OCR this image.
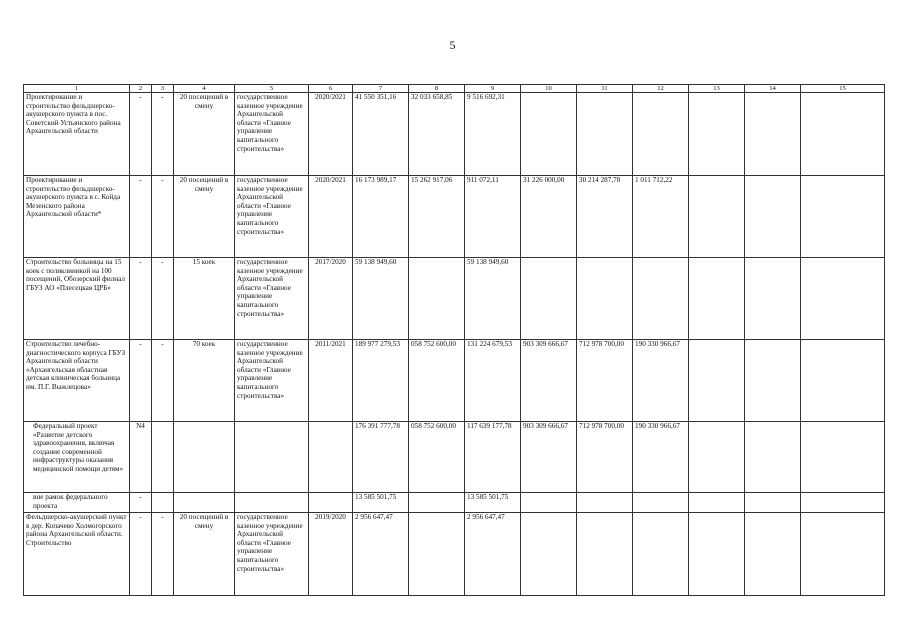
5
1	2	3	4	5	6	7	8	9	10	11	12	13	14	15
Проектирование и строительство фельдшерско-акушерского пункта в пос. Советский Устьянского района Архангельской области	-	-	20 посещений в смену	государственное казенное учреждение Архангельской области «Главное управление капитального строительства»	2020/2021	41 550 351,16	32 033 658,85	9 516 692,31						
Проектирование и строительство фельдшерско-акушерского пункта в с. Койда Мезенского района Архангельской области*	-	-	20 посещений в смену	государственное казенное учреждение Архангельской области «Главное управление капитального строительства»	2020/2021	16 173 989,17	15 262 917,06	911 072,11	31 226 000,00	30 214 287,78	1 011 712,22			
Строительство больницы на 15 коек с поликлиникой на 100 посещений, Обозерский филиал ГБУЗ АО «Плесецкая ЦРБ»	-	-	15 коек	государственное казенное учреждение Архангельской области «Главное управление капитального строительства»	2017/2020	59 138 949,60		59 138 949,60						
Строительство лечебно-диагностического корпуса ГБУЗ Архангельской области «Архангельская областная детская клиническая больница им. П.Г. Выжлецова»	-	-	70 коек	государственное казенное учреждение Архангельской области «Главное управление капитального строительства»	2011/2021	189 977 279,53	058 752 600,00	131 224 679,53	903 309 666,67	712 978 700,00	190 330 966,67			
Федеральный проект «Развитие детского здравоохранения, включая создание современной инфраструктуры оказания медицинской помощи детям»	N4					176 391 777,78	058 752 600,00	117 639 177,78	903 309 666,67	712 978 700,00	190 330 966,67			
вне рамок федерального проекта	-					13 585 501,75		13 585 501,75						
Фельдшерско-акушерский пункт в дер. Копачево Холмогорского района Архангельской области. Строительство	-	-	20 посещений в смену	государственное казенное учреждение Архангельской области «Главное управление капитального строительства»	2019/2020	2 956 647,47		2 956 647,47						
